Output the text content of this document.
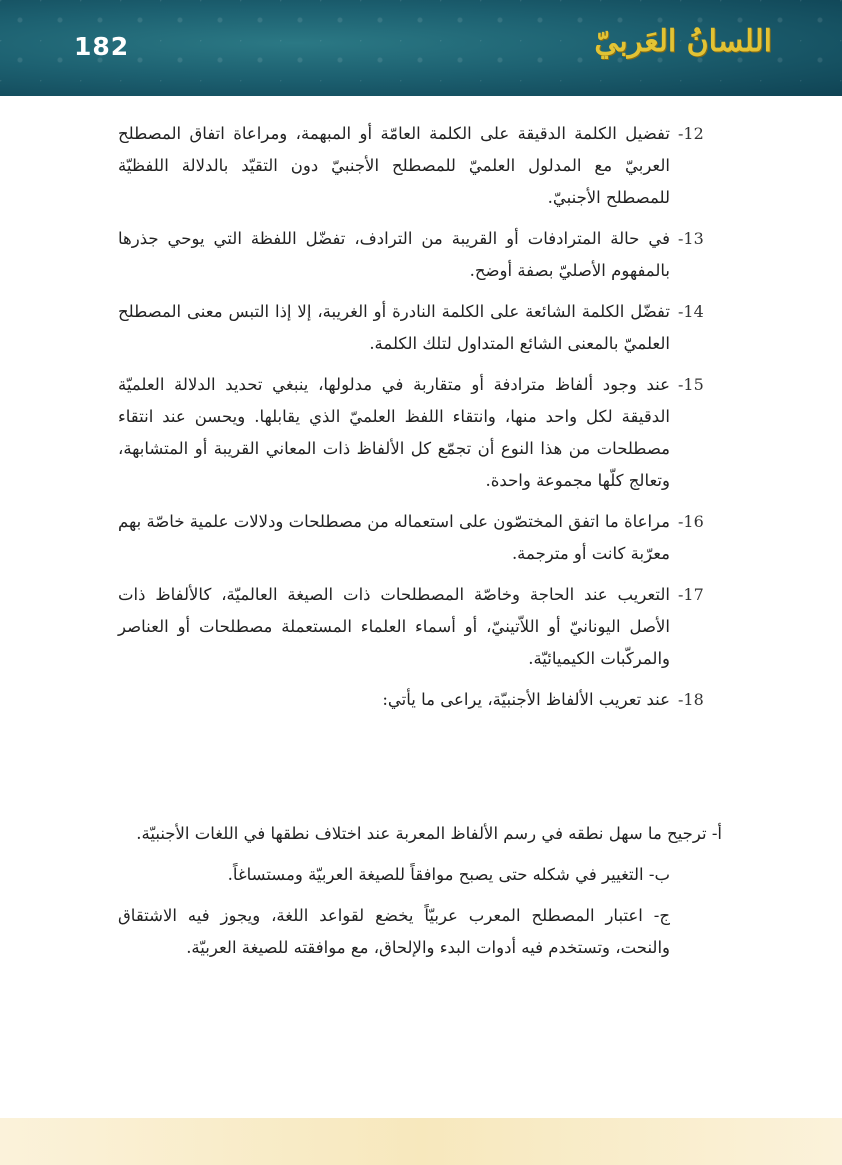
182	اللسانُ العَربيّ
-12
تفضيل الكلمة الدقيقة على الكلمة العامّة أو المبهمة، ومراعاة اتفاق المصطلح العربيّ مع المدلول العلميّ للمصطلح الأجنبيّ دون التقيّد بالدلالة اللفظيّة للمصطلح الأجنبيّ.
-13
في حالة المترادفات أو القريبة من الترادف، تفضّل اللفظة التي يوحي جذرها بالمفهوم الأصليّ بصفة أوضح.
-14
تفضّل الكلمة الشائعة على الكلمة النادرة أو الغريبة، إلا إذا التبس معنى المصطلح العلميّ بالمعنى الشائع المتداول لتلك الكلمة.
-15
عند وجود ألفاظ مترادفة أو متقاربة في مدلولها، ينبغي تحديد الدلالة العلميّة الدقيقة لكل واحد منها، وانتقاء اللفظ العلميّ الذي يقابلها. ويحسن عند انتقاء مصطلحات من هذا النوع أن تجمّع كل الألفاظ ذات المعاني القريبة أو المتشابهة، وتعالج كلّها مجموعة واحدة.
-16
مراعاة ما اتفق المختصّون على استعماله من مصطلحات ودلالات علمية خاصّة بهم معرّبة كانت أو مترجمة.
-17
التعريب عند الحاجة وخاصّة المصطلحات ذات الصيغة العالميّة، كالألفاظ ذات الأصل اليونانيّ أو اللاّتينيّ، أو أسماء العلماء المستعملة مصطلحات أو العناصر والمركّبات الكيميائيّة.
-18
عند تعريب الألفاظ الأجنبيّة، يراعى ما يأتي:
أ- ترجيح ما سهل نطقه في رسم الألفاظ المعربة عند اختلاف نطقها في اللغات الأجنبيّة.
ب- التغيير في شكله حتى يصبح موافقاً للصيغة العربيّة ومستساغاً.
ج- اعتبار المصطلح المعرب عربيّاً يخضع لقواعد اللغة، ويجوز فيه الاشتقاق والنحت، وتستخدم فيه أدوات البدء والإلحاق، مع موافقته للصيغة العربيّة.
